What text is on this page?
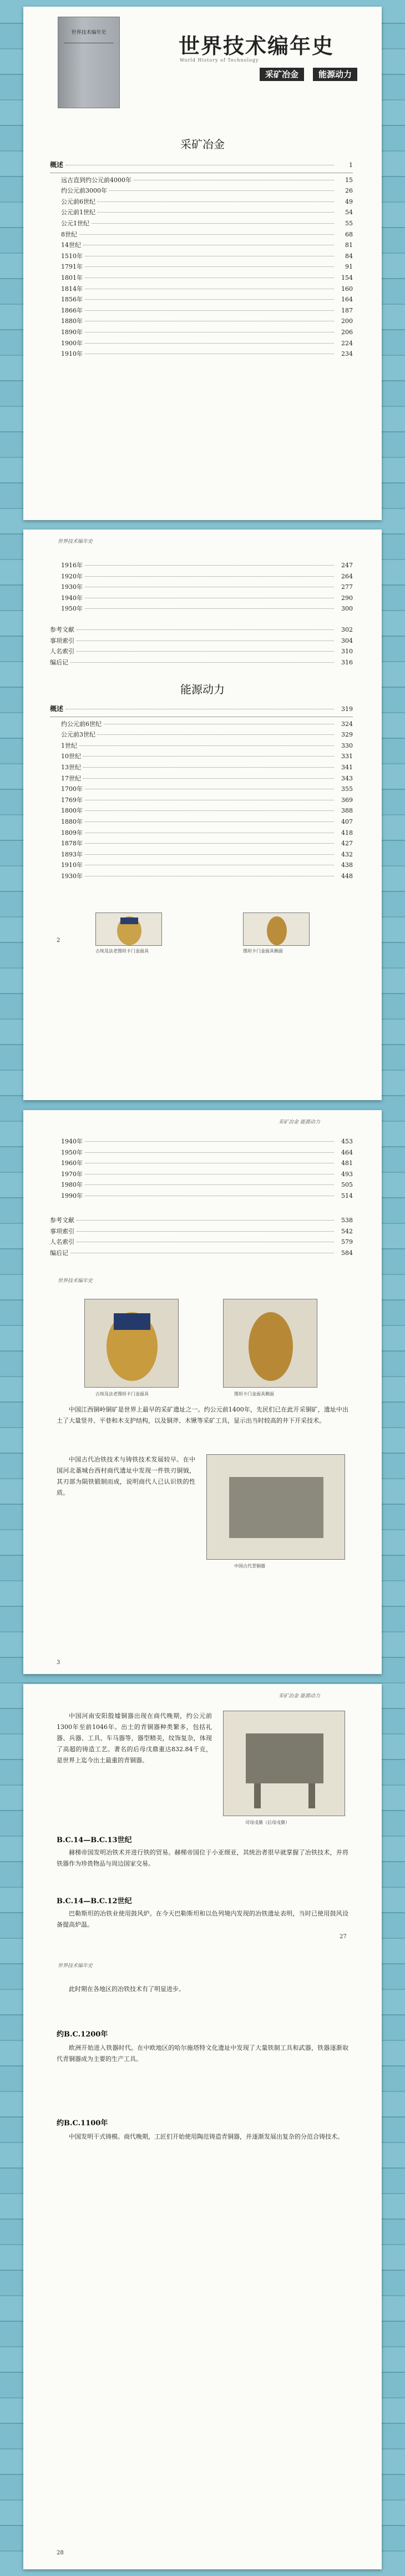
世界技术编年史
世界技术编年史
World History of Technology
采矿冶金	能源动力
采矿冶金
概述	1
远古直到约公元前4000年	15
约公元前3000年	26
公元前6世纪	49
公元前1世纪	54
公元1世纪	55
8世纪	68
14世纪	81
1510年	84
1791年	91
1801年	154
1814年	160
1856年	164
1866年	187
1880年	200
1890年	206
1900年	224
1910年	234
世界技术编年史
1916年	247
1920年	264
1930年	277
1940年	290
1950年	300
参考文献	302
事项索引	304
人名索引	310
编后记	316
能源动力
概述	319
约公元前6世纪	324
公元前3世纪	329
1世纪	330
10世纪	331
13世纪	341
17世纪	343
1700年	355
1769年	369
1800年	388
1880年	407
1809年	418
1878年	427
1893年	432
1910年	438
1930年	448
2
古埃及法老图坦卡门金面具	图坦卡门金面具侧面
采矿冶金 能源动力
1940年	453
1950年	464
1960年	481
1970年	493
1980年	505
1990年	514
参考文献	538
事项索引	542
人名索引	579
编后记	584
世界技术编年史
古埃及法老图坦卡门金面具	图坦卡门金面具侧面
中国江西铜岭铜矿是世界上最早的采矿遗址之一。约公元前1400年，先民们已在此开采铜矿，遗址中出土了大量竖井、平巷和木支护结构，以及铜斧、木锹等采矿工具，显示出当时较高的井下开采技术。
中国古代冶铁技术与铸铁技术发展较早。在中国河北藁城台西村商代遗址中发现一件铁刃铜钺，其刃部为陨铁锻制而成，说明商代人已认识铁的性质。
中国古代青铜器
3
采矿冶金 能源动力
中国河南安阳殷墟铜器出现在商代晚期，约公元前1300年至前1046年。出土的青铜器种类繁多，包括礼器、兵器、工具、车马器等，器型精美，纹饰复杂，体现了高超的铸造工艺。著名的后母戊鼎重达832.84千克，是世界上迄今出土最重的青铜器。
司母戊鼎（后母戊鼎）
B.C.14—B.C.13世纪
赫梯帝国发明冶铁术并进行铁的贸易。赫梯帝国位于小亚细亚，其统治者很早就掌握了冶铁技术，并将铁器作为珍贵物品与周边国家交易。
B.C.14—B.C.12世纪
巴勒斯坦的冶铁业使用鼓风炉。在今天巴勒斯坦和以色列境内发现的冶铁遗址表明，当时已使用鼓风设备提高炉温。
27
世界技术编年史
此时期在各地区的冶铁技术有了明显进步。
约B.C.1200年
欧洲开始进入铁器时代。在中欧地区的哈尔施塔特文化遗址中发现了大量铁制工具和武器，铁器逐渐取代青铜器成为主要的生产工具。
约B.C.1100年
中国发明干式铸模。商代晚期，工匠们开始使用陶范铸造青铜器，并逐渐发展出复杂的分范合铸技术。
28
